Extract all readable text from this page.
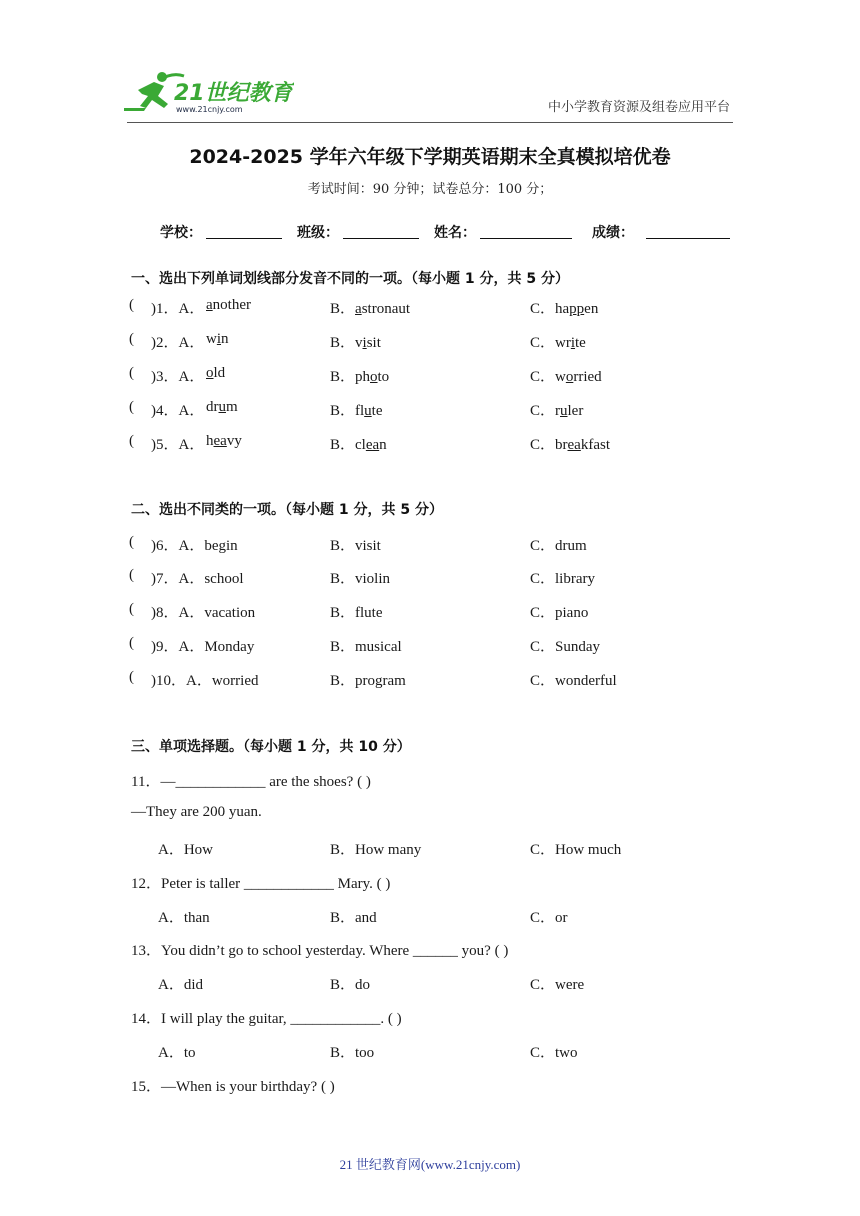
21世纪教育
www.21cnjy.com	中小学教育资源及组卷应用平台
2024-2025 学年六年级下学期英语期末全真模拟培优卷
考试时间：90 分钟；试卷总分：100 分；
学校：	班级：	姓名：	成绩：
一、选出下列单词划线部分发音不同的一项。（每小题 1 分，共 5 分）
( )1．A． another	B．astronaut	C．happen
( )2．A． win	B．visit	C．write
( )3．A． old	B．photo	C．worried
( )4．A． drum	B．flute	C．ruler
( )5．A． heavy	B．clean	C．breakfast
二、选出不同类的一项。（每小题 1 分，共 5 分）
( )6．A．begin	B．visit	C．drum
( )7．A．school	B．violin	C．library
( )8．A．vacation	B．flute	C．piano
( )9．A．Monday	B．musical	C．Sunday
( )10．A．worried	B．program	C．wonderful
三、单项选择题。（每小题 1 分，共 10 分）
11．—____________ are the shoes? ( )
—They are 200 yuan.
A．How	B．How many	C．How much
12．Peter is taller ____________ Mary. ( )
A．than	B．and	C．or
13．You didn’t go to school yesterday. Where ______ you? ( )
A．did	B．do	C．were
14．I will play the guitar, ____________. ( )
A．to	B．too	C．two
15．—When is your birthday? ( )
21 世纪教育网(www.21cnjy.com)
